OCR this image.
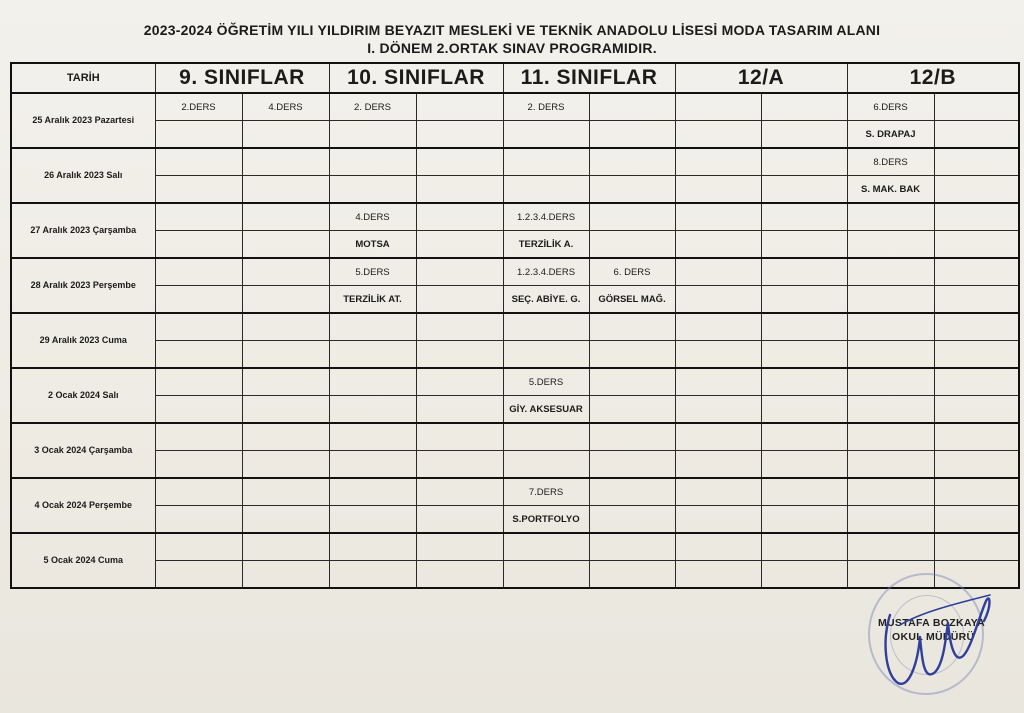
2023-2024 ÖĞRETİM YILI YILDIRIM BEYAZIT MESLEKİ VE TEKNİK ANADOLU LİSESİ MODA TASARIM ALANI
I. DÖNEM 2.ORTAK SINAV PROGRAMIDIR.
TARİH	9. SINIFLAR		10. SINIFLAR		11. SINIFLAR		12/A		12/B	
25 Aralık 2023 Pazartesi	2.DERS	4.DERS	2. DERS		2. DERS				6.DERS	
									S. DRAPAJ	
26 Aralık 2023 Salı									8.DERS	
									S. MAK. BAK	
27 Aralık 2023 Çarşamba			4.DERS		1.2.3.4.DERS					
			MOTSA		TERZİLİK A.					
28 Aralık 2023 Perşembe			5.DERS		1.2.3.4.DERS	6. DERS				
			TERZİLİK AT.		SEÇ. ABİYE. G.	GÖRSEL MAĞ.				
29 Aralık 2023 Cuma										

2 Ocak 2024 Salı					5.DERS					
					GİY. AKSESUAR					
3 Ocak 2024 Çarşamba										

4 Ocak 2024 Perşembe					7.DERS					
					S.PORTFOLYO					
5 Ocak 2024 Cuma										

MUSTAFA BOZKAYA
OKUL MÜDÜRÜ
